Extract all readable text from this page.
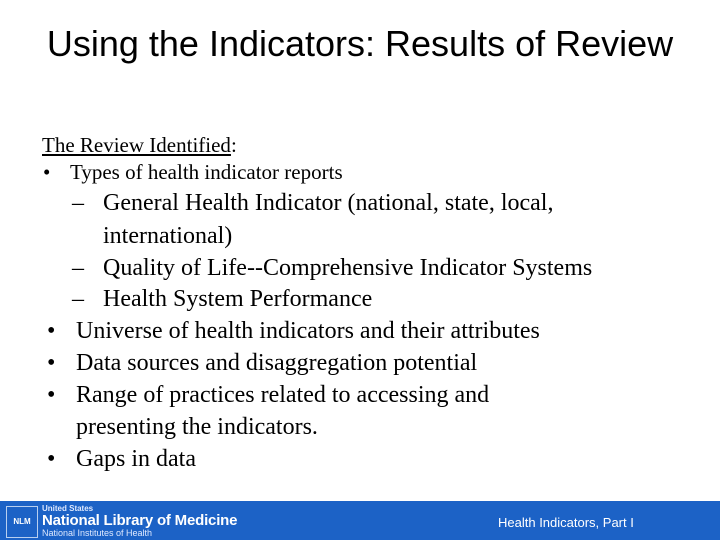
Using the Indicators: Results of Review
The Review Identified:
• Types of health indicator reports
– General Health Indicator (national, state, local,
international)
– Quality of Life--Comprehensive Indicator Systems
– Health System Performance
• Universe of health indicators and their attributes
• Data sources and disaggregation potential
• Range of practices related to accessing and
presenting the indicators.
• Gaps in data
NLM
United States
National Library of Medicine
National Institutes of Health
Health Indicators, Part I
